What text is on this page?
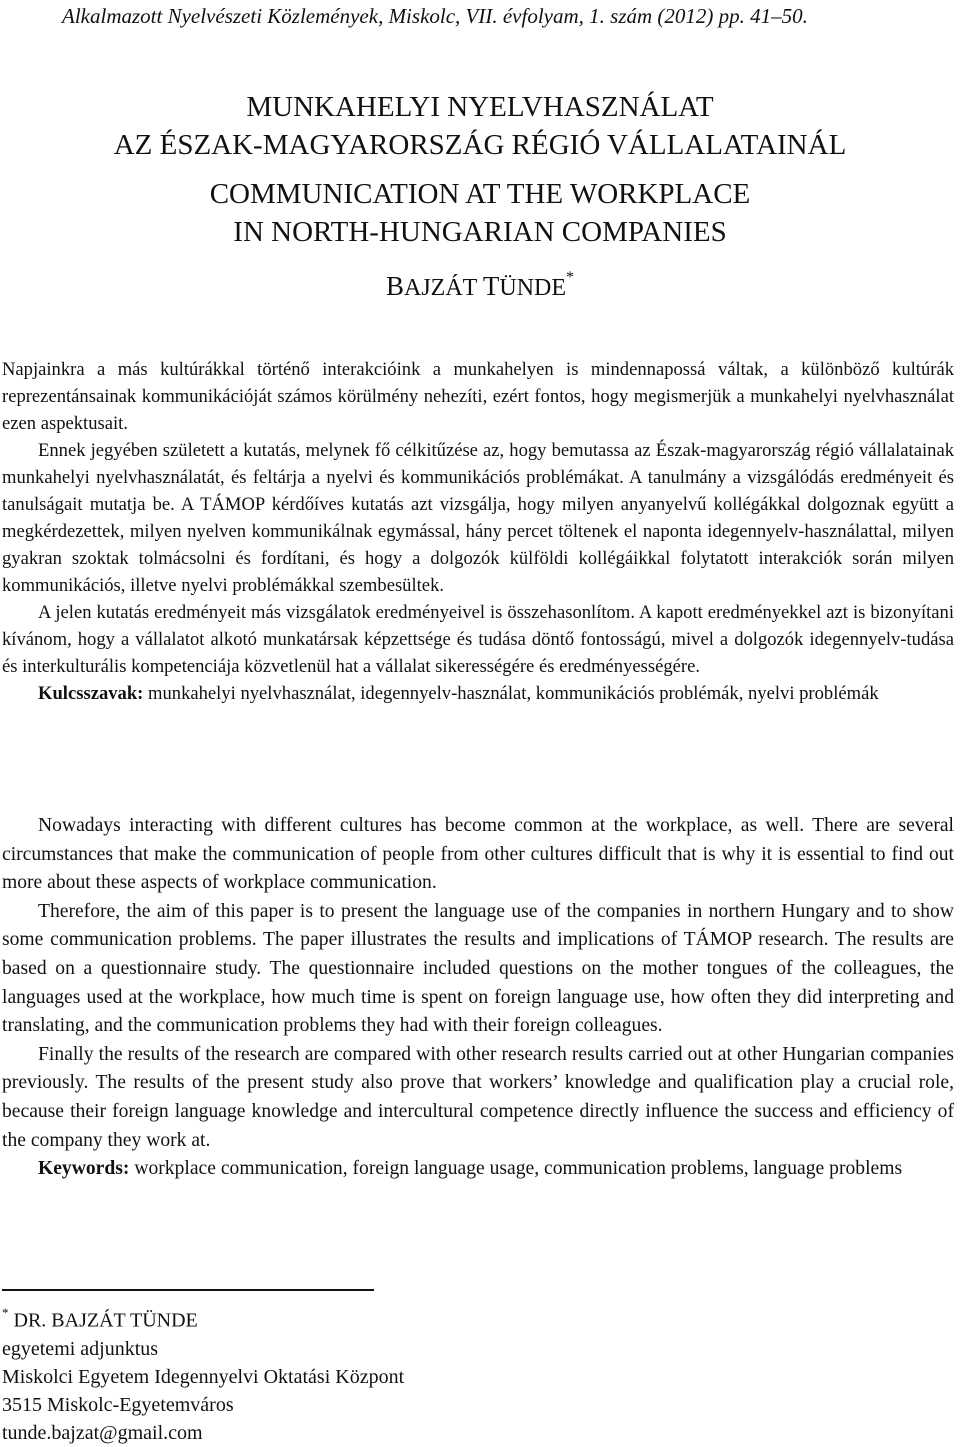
Alkalmazott Nyelvészeti Közlemények, Miskolc, VII. évfolyam, 1. szám (2012) pp. 41–50.
MUNKAHELYI NYELVHASZNÁLAT
AZ ÉSZAK-MAGYARORSZÁG RÉGIÓ VÁLLALATAINÁL
COMMUNICATION AT THE WORKPLACE
IN NORTH-HUNGARIAN COMPANIES
BAJZÁT TÜNDE*

Napjainkra a más kultúrákkal történő interakcióink a munkahelyen is mindennapossá váltak, a különböző kultúrák reprezentánsainak kommunikációját számos körülmény nehezíti, ezért fontos, hogy megismerjük a munkahelyi nyelvhasználat ezen aspektusait.

Ennek jegyében született a kutatás, melynek fő célkitűzése az, hogy bemutassa az Észak-magyarország régió vállalatainak munkahelyi nyelvhasználatát, és feltárja a nyelvi és kommunikációs problémákat. A tanulmány a vizsgálódás eredményeit és tanulságait mutatja be. A TÁMOP kérdőíves kutatás azt vizsgálja, hogy milyen anyanyelvű kollégákkal dolgoznak együtt a megkérdezettek, milyen nyelven kommunikálnak egymással, hány percet töltenek el naponta idegennyelv-használattal, milyen gyakran szoktak tolmácsolni és fordítani, és hogy a dolgozók külföldi kollégáikkal folytatott interakciók során milyen kommunikációs, illetve nyelvi problémákkal szembesültek.

A jelen kutatás eredményeit más vizsgálatok eredményeivel is összehasonlítom. A kapott eredményekkel azt is bizonyítani kívánom, hogy a vállalatot alkotó munkatársak képzettsége és tudása döntő fontosságú, mivel a dolgozók idegennyelv-tudása és interkulturális kompetenciája közvetlenül hat a vállalat sikerességére és eredményességére.

Kulcsszavak: munkahelyi nyelvhasználat, idegennyelv-használat, kommunikációs problémák, nyelvi problémák

Nowadays interacting with different cultures has become common at the workplace, as well. There are several circumstances that make the communication of people from other cultures difficult that is why it is essential to find out more about these aspects of workplace communication.

Therefore, the aim of this paper is to present the language use of the companies in northern Hungary and to show some communication problems. The paper illustrates the results and implications of TÁMOP research. The results are based on a questionnaire study. The questionnaire included questions on the mother tongues of the colleagues, the languages used at the workplace, how much time is spent on foreign language use, how often they did interpreting and translating, and the communication problems they had with their foreign colleagues.

Finally the results of the research are compared with other research results carried out at other Hungarian companies previously. The results of the present study also prove that workers’ knowledge and qualification play a crucial role, because their foreign language knowledge and intercultural competence directly influence the success and efficiency of the company they work at.

Keywords: workplace communication, foreign language usage, communication problems, language problems

* DR. BAJZÁT TÜNDE
egyetemi adjunktus
Miskolci Egyetem Idegennyelvi Oktatási Központ
3515 Miskolc-Egyetemváros
tunde.bajzat@gmail.com
